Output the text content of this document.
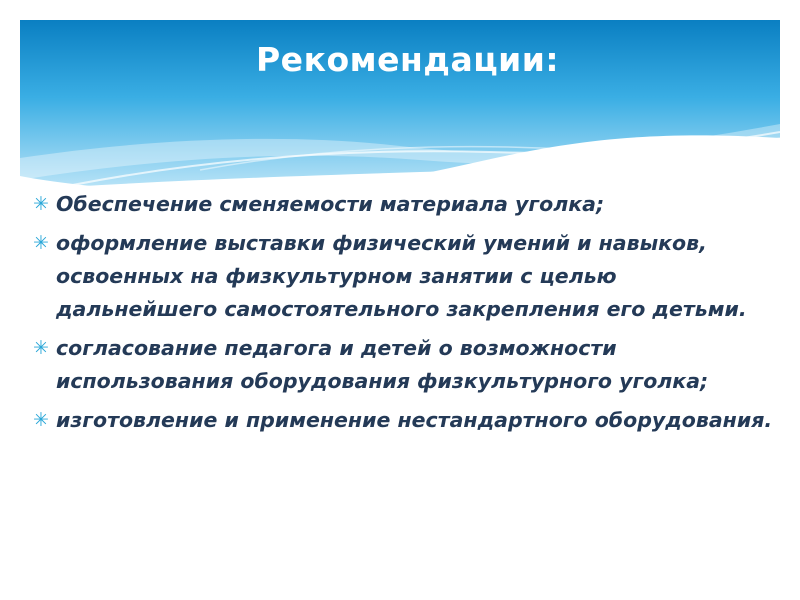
Рекомендации:
✳ Обеспечение сменяемости материала уголка;
✳ оформление выставки физический умений и навыков, освоенных на физкультурном занятии с целью дальнейшего самостоятельного закрепления его детьми.
✳ согласование педагога и детей о возможности использования оборудования физкультурного уголка;
✳ изготовление и применение нестандартного оборудования.
